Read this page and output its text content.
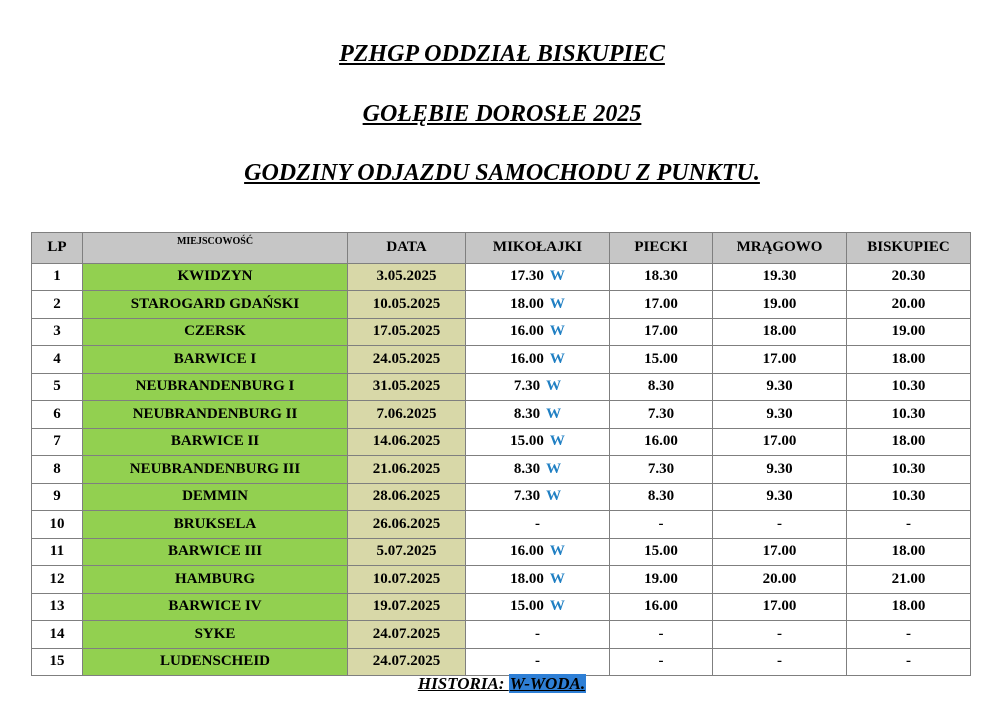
PZHGP ODDZIAŁ BISKUPIEC
GOŁĘBIE DOROSŁE 2025
GODZINY ODJAZDU SAMOCHODU Z PUNKTU.
LP	MIEJSCOWOŚĆ	DATA	MIKOŁAJKI	PIECKI	MRĄGOWO	BISKUPIEC
1	KWIDZYN	3.05.2025	17.30 W	18.30	19.30	20.30
2	STAROGARD GDAŃSKI	10.05.2025	18.00 W	17.00	19.00	20.00
3	CZERSK	17.05.2025	16.00 W	17.00	18.00	19.00
4	BARWICE I	24.05.2025	16.00 W	15.00	17.00	18.00
5	NEUBRANDENBURG I	31.05.2025	7.30 W	8.30	9.30	10.30
6	NEUBRANDENBURG II	7.06.2025	8.30 W	7.30	9.30	10.30
7	BARWICE II	14.06.2025	15.00 W	16.00	17.00	18.00
8	NEUBRANDENBURG III	21.06.2025	8.30 W	7.30	9.30	10.30
9	DEMMIN	28.06.2025	7.30 W	8.30	9.30	10.30
10	BRUKSELA	26.06.2025	-	-	-	-
11	BARWICE III	5.07.2025	16.00 W	15.00	17.00	18.00
12	HAMBURG	10.07.2025	18.00 W	19.00	20.00	21.00
13	BARWICE IV	19.07.2025	15.00 W	16.00	17.00	18.00
14	SYKE	24.07.2025	-	-	-	-
15	LUDENSCHEID	24.07.2025	-	-	-	-
HISTORIA: W-WODA.
